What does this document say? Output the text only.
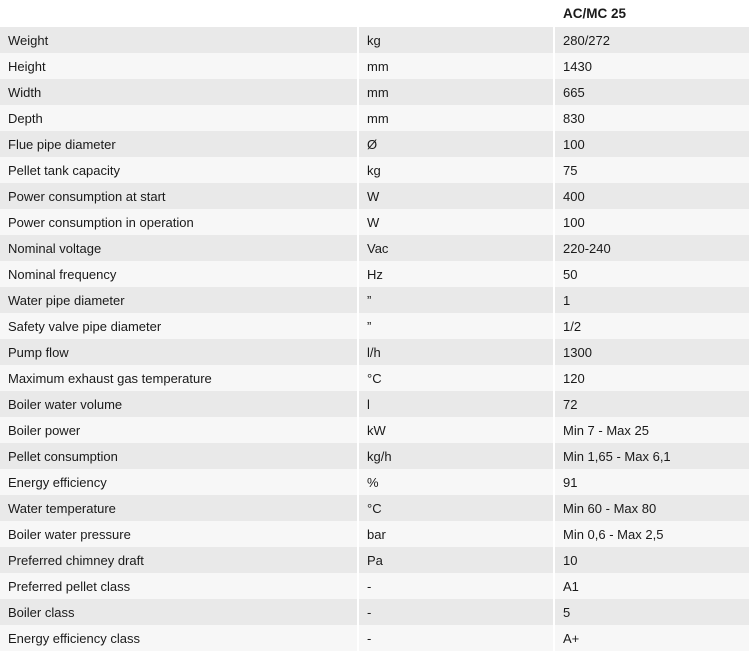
		AC/MC 25
Weight	kg	280/272
Height	mm	1430
Width	mm	665
Depth	mm	830
Flue pipe diameter	Ø	100
Pellet tank capacity	kg	75
Power consumption at start	W	400
Power consumption in operation	W	100
Nominal voltage	Vac	220-240
Nominal frequency	Hz	50
Water pipe diameter	”	1
Safety valve pipe diameter	”	1/2
Pump flow	l/h	1300
Maximum exhaust gas temperature	°C	120
Boiler water volume	l	72
Boiler power	kW	Min 7 - Max 25
Pellet consumption	kg/h	Min 1,65 - Max 6,1
Energy efficiency	%	91
Water temperature	°C	Min 60 - Max 80
Boiler water pressure	bar	Min 0,6 - Max 2,5
Preferred chimney draft	Pa	10
Preferred pellet class	-	A1
Boiler class	-	5
Energy efficiency class	-	A+
